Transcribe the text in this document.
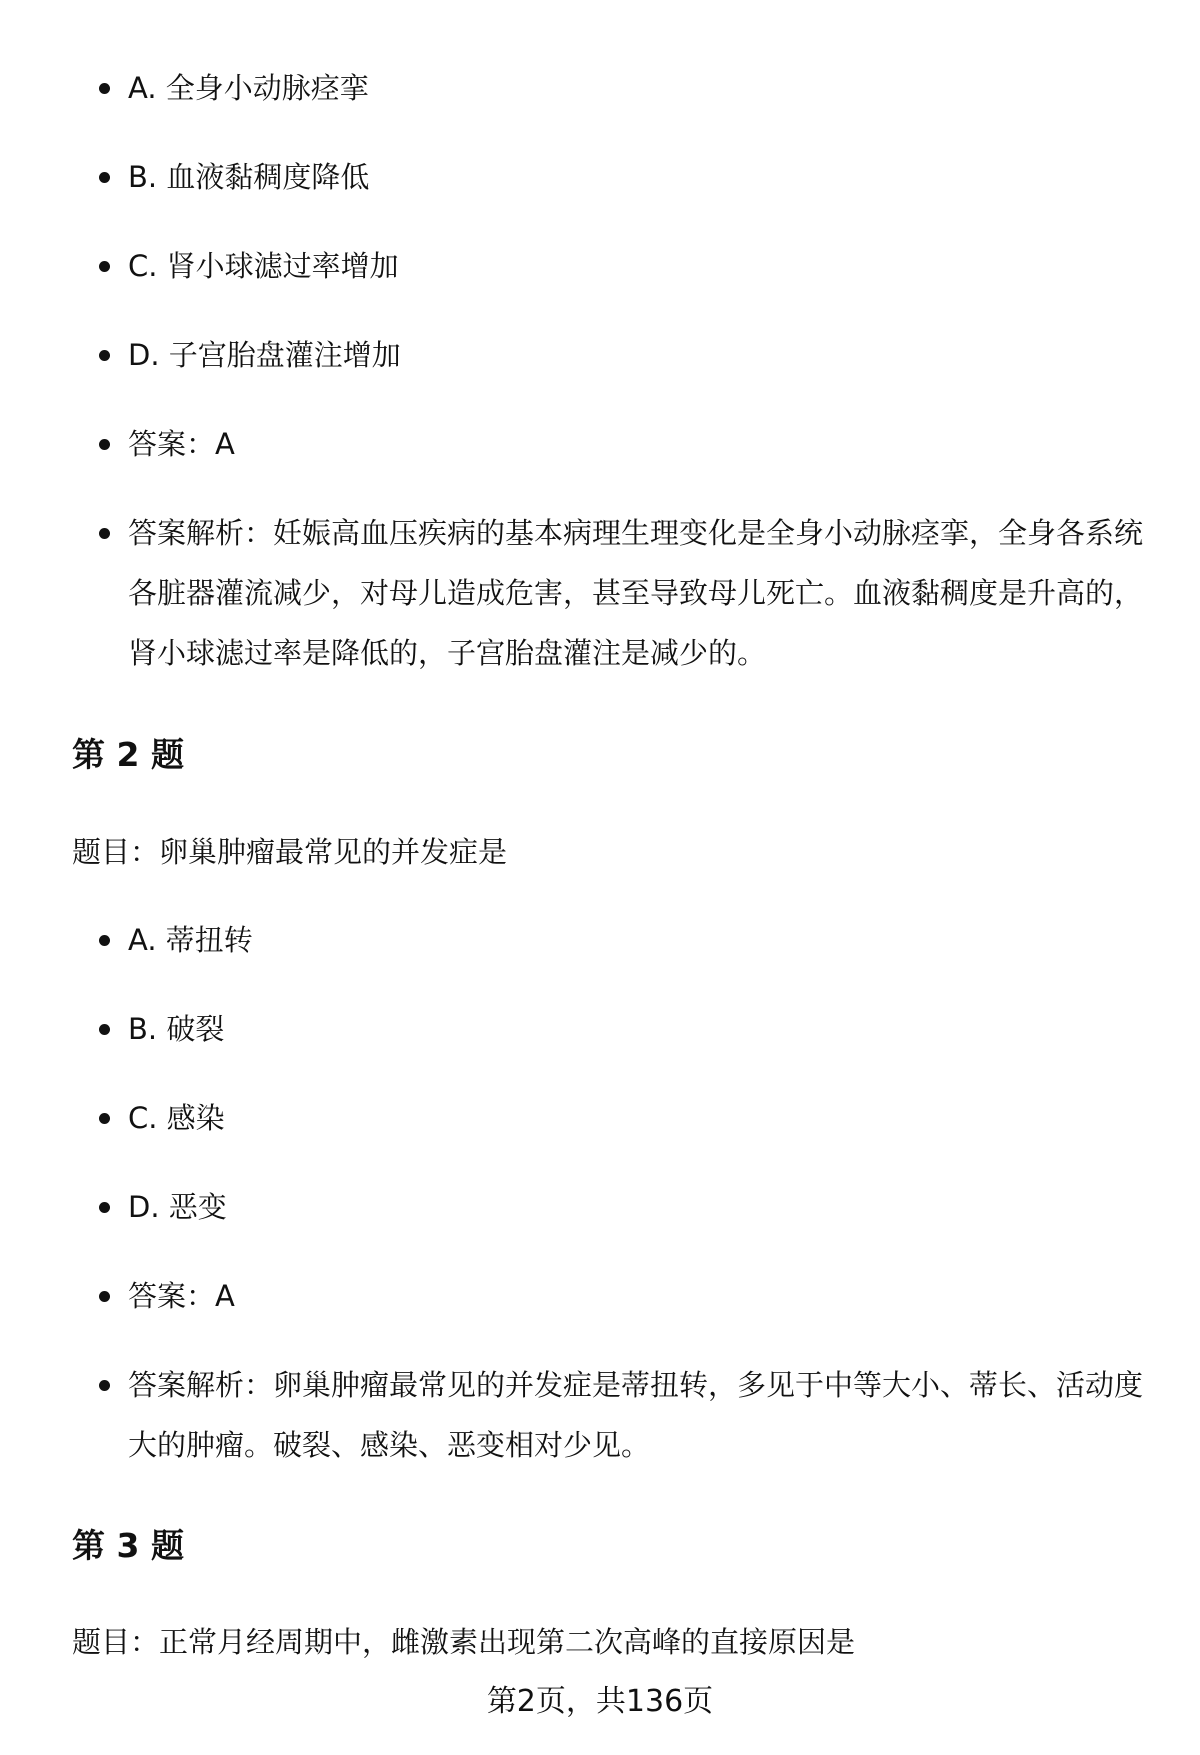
A. 全身小动脉痉挛
B. 血液黏稠度降低
C. 肾小球滤过率增加
D. 子宫胎盘灌注增加
答案：A
答案解析：妊娠高血压疾病的基本病理生理变化是全身小动脉痉挛，全身各系统各脏器灌流减少，对母儿造成危害，甚至导致母儿死亡。血液黏稠度是升高的，肾小球滤过率是降低的，子宫胎盘灌注是减少的。
第 2 题

题目：卵巢肿瘤最常见的并发症是

A. 蒂扭转
B. 破裂
C. 感染
D. 恶变
答案：A
答案解析：卵巢肿瘤最常见的并发症是蒂扭转，多见于中等大小、蒂长、活动度大的肿瘤。破裂、感染、恶变相对少见。
第 3 题

题目：正常月经周期中，雌激素出现第二次高峰的直接原因是

第2页，共136页
